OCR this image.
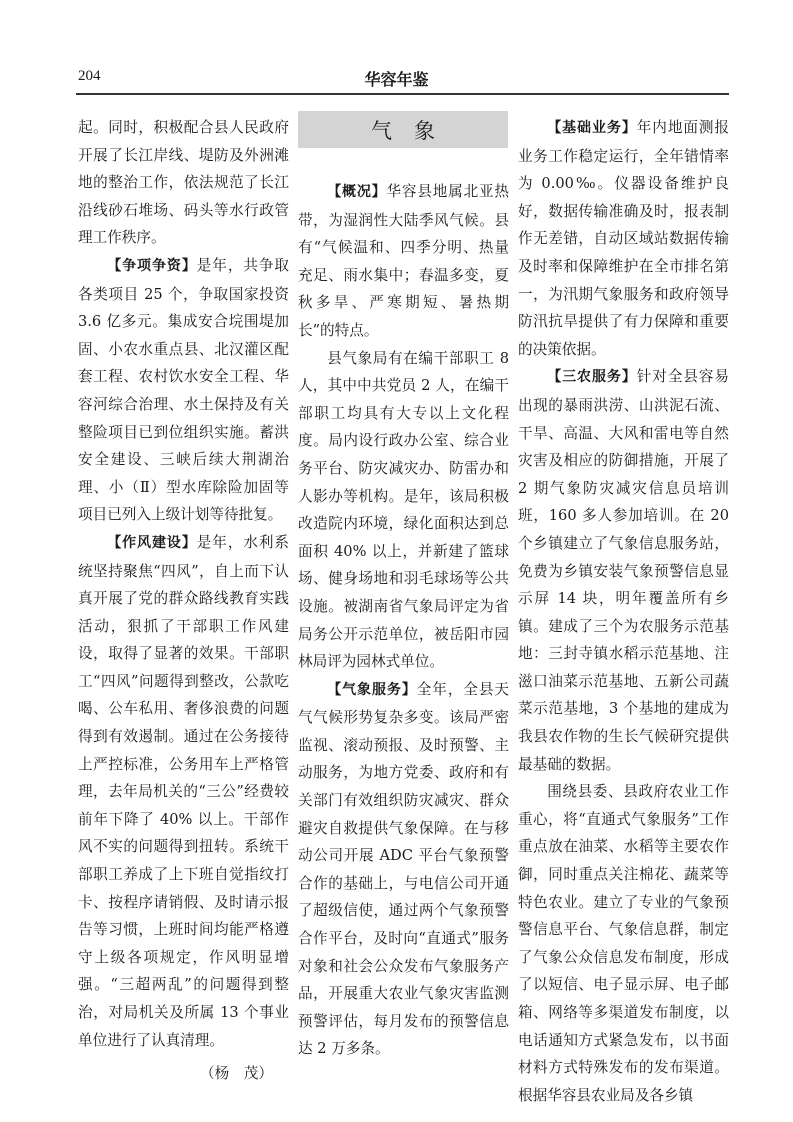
204	华容年鉴

起。同时，积极配合县人民政府开展了长江岸线、堤防及外洲滩地的整治工作，依法规范了长江沿线砂石堆场、码头等水行政管理工作秩序。

【争项争资】是年，共争取各类项目 25 个，争取国家投资 3.6 亿多元。集成安合垸围堤加固、小农水重点县、北汉灌区配套工程、农村饮水安全工程、华容河综合治理、水土保持及有关整险项目已到位组织实施。蓄洪安全建设、三峡后续大荆湖治理、小（Ⅱ）型水库除险加固等项目已列入上级计划等待批复。

【作风建设】是年，水利系统坚持聚焦“四风”，自上而下认真开展了党的群众路线教育实践活动，狠抓了干部职工作风建设，取得了显著的效果。干部职工“四风”问题得到整改，公款吃喝、公车私用、奢侈浪费的问题得到有效遏制。通过在公务接待上严控标准，公务用车上严格管理，去年局机关的“三公”经费较前年下降了 40% 以上。干部作风不实的问题得到扭转。系统干部职工养成了上下班自觉指纹打卡、按程序请销假、及时请示报告等习惯，上班时间均能严格遵守上级各项规定，作风明显增强。“三超两乱”的问题得到整治，对局机关及所属 13 个事业单位进行了认真清理。

（杨　茂）

气象

【概况】华容县地属北亚热带，为湿润性大陆季风气候。县有“气候温和、四季分明、热量充足、雨水集中；春温多变，夏秋多旱、严寒期短、暑热期长”的特点。

县气象局有在编干部职工 8 人，其中中共党员 2 人，在编干部职工均具有大专以上文化程度。局内设行政办公室、综合业务平台、防灾减灾办、防雷办和人影办等机构。是年，该局积极改造院内环境，绿化面积达到总面积 40% 以上，并新建了篮球场、健身场地和羽毛球场等公共设施。被湖南省气象局评定为省局务公开示范单位，被岳阳市园林局评为园林式单位。

【气象服务】全年，全县天气气候形势复杂多变。该局严密监视、滚动预报、及时预警、主动服务，为地方党委、政府和有关部门有效组织防灾减灾、群众避灾自救提供气象保障。在与移动公司开展 ADC 平台气象预警合作的基础上，与电信公司开通了超级信使，通过两个气象预警合作平台，及时向“直通式”服务对象和社会公众发布气象服务产品，开展重大农业气象灾害监测预警评估，每月发布的预警信息达 2 万多条。

【基础业务】年内地面测报业务工作稳定运行，全年错情率为 0.00‰。仪器设备维护良好，数据传输准确及时，报表制作无差错，自动区域站数据传输及时率和保障维护在全市排名第一，为汛期气象服务和政府领导防汛抗旱提供了有力保障和重要的决策依据。

【三农服务】针对全县容易出现的暴雨洪涝、山洪泥石流、干旱、高温、大风和雷电等自然灾害及相应的防御措施，开展了 2 期气象防灾减灾信息员培训班，160 多人参加培训。在 20 个乡镇建立了气象信息服务站，免费为乡镇安装气象预警信息显示屏 14 块，明年覆盖所有乡镇。建成了三个为农服务示范基地：三封寺镇水稻示范基地、注滋口油菜示范基地、五新公司蔬菜示范基地，3 个基地的建成为我县农作物的生长气候研究提供最基础的数据。

围绕县委、县政府农业工作重心，将“直通式气象服务”工作重点放在油菜、水稻等主要农作御，同时重点关注棉花、蔬菜等特色农业。建立了专业的气象预警信息平台、气象信息群，制定了气象公众信息发布制度，形成了以短信、电子显示屏、电子邮箱、网络等多渠道发布制度，以电话通知方式紧急发布，以书面材料方式特殊发布的发布渠道。根据华容县农业局及各乡镇
